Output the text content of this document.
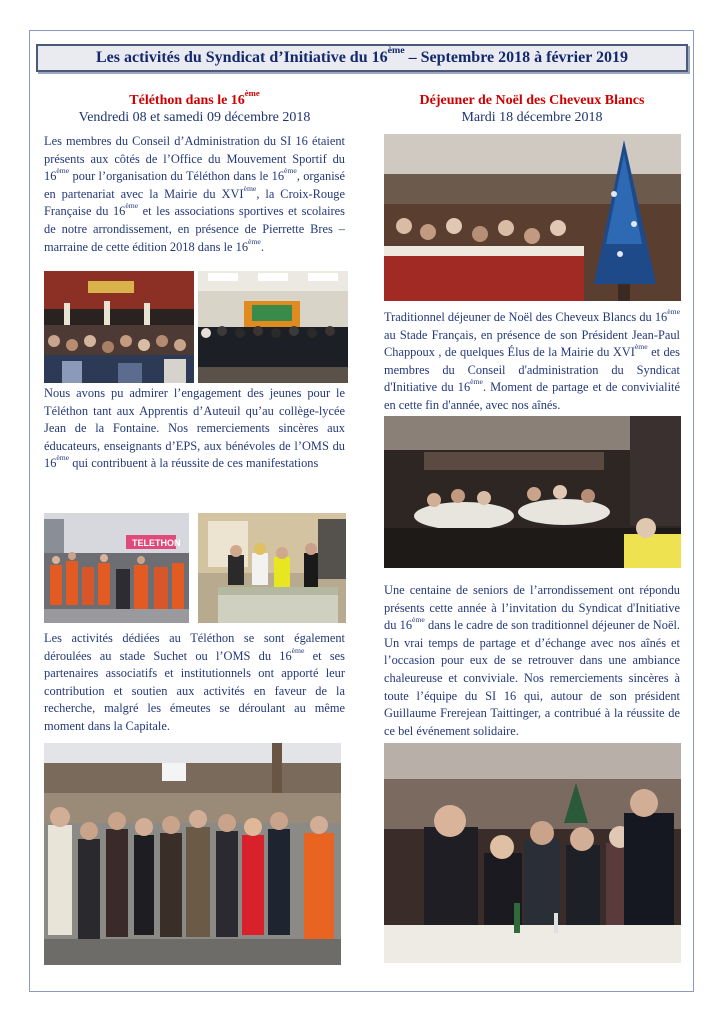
Les activités du Syndicat d’Initiative du 16ème – Septembre 2018 à février 2019
Téléthon dans le 16ème
Vendredi 08 et samedi 09 décembre 2018

Les membres du Conseil d’Administration du SI 16 étaient présents aux côtés de l’Office du Mouvement Sportif du 16ème pour l’organisation du Téléthon dans le 16ème, organisé en partenariat avec la Mairie du XVIème, la Croix-Rouge Française du 16ème et les associations sportives et scolaires de notre arrondissement, en présence de Pierrette Bres – marraine de cette édition 2018 dans le 16ème.

Nous avons pu admirer l’engagement des jeunes pour le Téléthon tant aux Apprentis d’Auteuil qu’au collège-lycée Jean de la Fontaine. Nos remerciements sincères aux éducateurs, enseignants d’EPS, aux bénévoles de l’OMS du 16ème qui contribuent à la réussite de ces manifestations

TELETHON

Les activités dédiées au Téléthon se sont également déroulées au stade Suchet ou l’OMS du 16ème et ses partenaires associatifs et institutionnels ont apporté leur contribution et soutien aux activités en faveur de la recherche, malgré les émeutes se déroulant au même moment dans la Capitale.

Déjeuner de Noël des Cheveux Blancs
Mardi 18 décembre 2018

Traditionnel déjeuner de Noël des Cheveux Blancs du 16ème au Stade Français, en présence de son Président Jean-Paul Chappoux , de quelques Élus de la Mairie du XVIème et des membres du Conseil d'administration du Syndicat d'Initiative du 16ème. Moment de partage et de convivialité en cette fin d'année, avec nos aînés.

Une centaine de seniors de l’arrondissement ont répondu présents cette année à l’invitation du Syndicat d'Initiative du 16ème dans le cadre de son traditionnel déjeuner de Noël. Un vrai temps de partage et d’échange avec nos aînés et l’occasion pour eux de se retrouver dans une ambiance chaleureuse et conviviale. Nos remerciements sincères à toute l’équipe du SI 16 qui, autour de son président Guillaume Frerejean Taittinger, a contribué à la réussite de ce bel événement solidaire.
